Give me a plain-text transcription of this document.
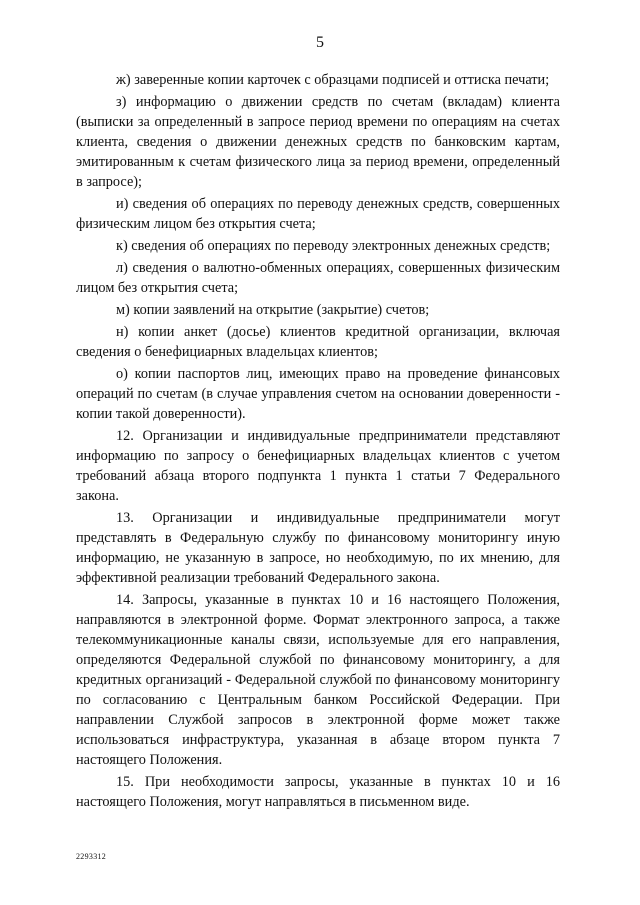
5

ж) заверенные копии карточек с образцами подписей и оттиска печати;

з) информацию о движении средств по счетам (вкладам) клиента (выписки за определенный в запросе период времени по операциям на счетах клиента, сведения о движении денежных средств по банковским картам, эмитированным к счетам физического лица за период времени, определенный в запросе);

и) сведения об операциях по переводу денежных средств, совершенных физическим лицом без открытия счета;

к) сведения об операциях по переводу электронных денежных средств;

л) сведения о валютно-обменных операциях, совершенных физическим лицом без открытия счета;

м) копии заявлений на открытие (закрытие) счетов;

н) копии анкет (досье) клиентов кредитной организации, включая сведения о бенефициарных владельцах клиентов;

о) копии паспортов лиц, имеющих право на проведение финансовых операций по счетам (в случае управления счетом на основании доверенности - копии такой доверенности).

12. Организации и индивидуальные предприниматели представляют информацию по запросу о бенефициарных владельцах клиентов с учетом требований абзаца второго подпункта 1 пункта 1 статьи 7 Федерального закона.

13. Организации и индивидуальные предприниматели могут представлять в Федеральную службу по финансовому мониторингу иную информацию, не указанную в запросе, но необходимую, по их мнению, для эффективной реализации требований Федерального закона.

14. Запросы, указанные в пунктах 10 и 16 настоящего Положения, направляются в электронной форме. Формат электронного запроса, а также телекоммуникационные каналы связи, используемые для его направления, определяются Федеральной службой по финансовому мониторингу, а для кредитных организаций - Федеральной службой по финансовому мониторингу по согласованию с Центральным банком Российской Федерации. При направлении Службой запросов в электронной форме может также использоваться инфраструктура, указанная в абзаце втором пункта 7 настоящего Положения.

15. При необходимости запросы, указанные в пунктах 10 и 16 настоящего Положения, могут направляться в письменном виде.

2293312
